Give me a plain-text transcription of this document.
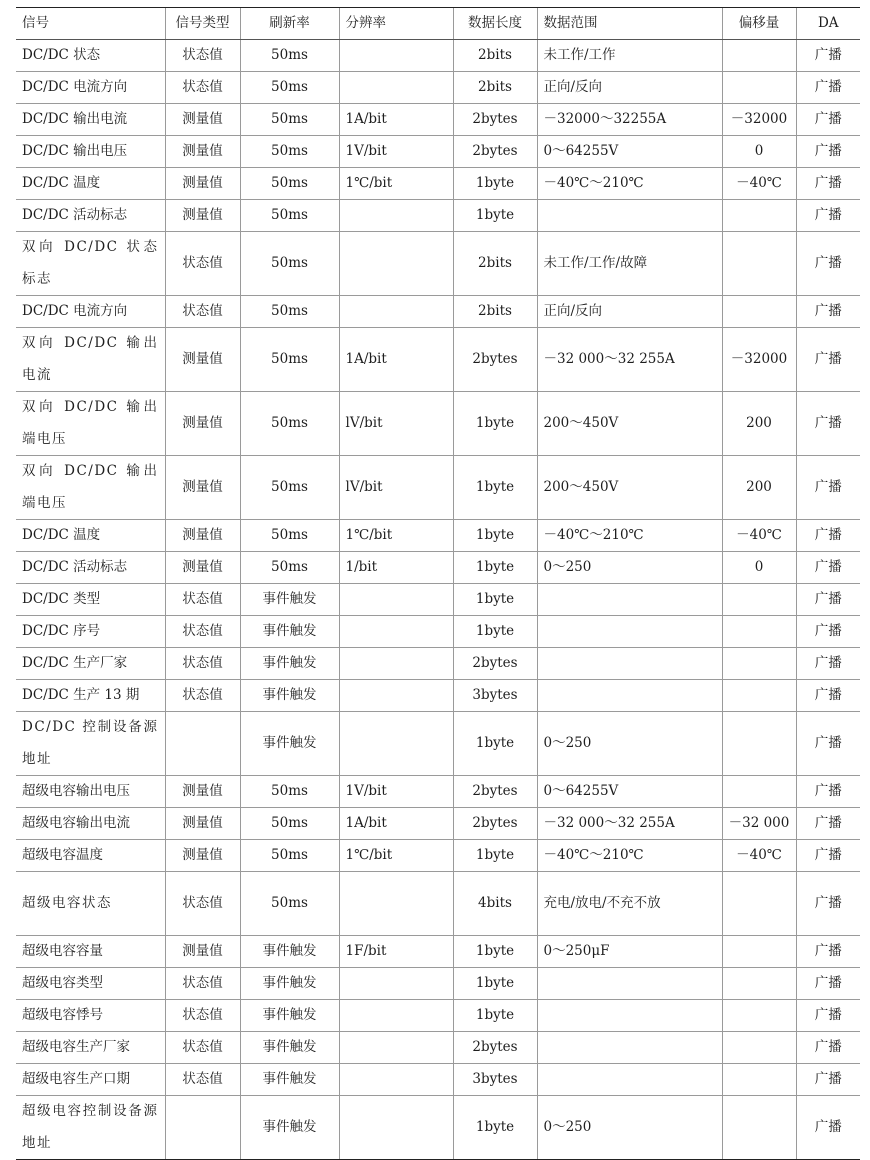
信号	信号类型	刷新率	分辨率	数据长度	数据范围	偏移量	DA
DC/DC 状态	状态值	50ms		2bits	未工作/工作		广播
DC/DC 电流方向	状态值	50ms		2bits	正向/反向		广播
DC/DC 输出电流	测量值	50ms	1A/bit	2bytes	－32000～32255A	－32000	广播
DC/DC 输出电压	测量值	50ms	1V/bit	2bytes	0～64255V	0	广播
DC/DC 温度	测量值	50ms	1℃/bit	1byte	－40℃～210℃	－40℃	广播
DC/DC 活动标志	测量值	50ms		1byte			广播
双向 DC/DC 状态标志	状态值	50ms		2bits	未工作/工作/故障		广播
DC/DC 电流方向	状态值	50ms		2bits	正向/反向		广播
双向 DC/DC 输出电流	测量值	50ms	1A/bit	2bytes	－32 000～32 255A	－32000	广播
双向 DC/DC 输出端电压	测量值	50ms	lV/bit	1byte	200～450V	200	广播
双向 DC/DC 输出端电压	测量值	50ms	lV/bit	1byte	200～450V	200	广播
DC/DC 温度	测量值	50ms	1℃/bit	1byte	－40℃～210℃	－40℃	广播
DC/DC 活动标志	测量值	50ms	1/bit	1byte	0～250	0	广播
DC/DC 类型	状态值	事件触发		1byte			广播
DC/DC 序号	状态值	事件触发		1byte			广播
DC/DC 生产厂家	状态值	事件触发		2bytes			广播
DC/DC 生产 13 期	状态值	事件触发		3bytes			广播
DC/DC 控制设备源地址		事件触发		1byte	0～250		广播
超级电容输出电压	测量值	50ms	1V/bit	2bytes	0～64255V		广播
超级电容输出电流	测量值	50ms	1A/bit	2bytes	－32 000～32 255A	－32 000	广播
超级电容温度	测量值	50ms	1℃/bit	1byte	－40℃～210℃	－40℃	广播
超级电容状态	状态值	50ms		4bits	充电/放电/不充不放		广播
超级电容容量	测量值	事件触发	1F/bit	1byte	0～250μF		广播
超级电容类型	状态值	事件触发		1byte			广播
超级电容悸号	状态值	事件触发		1byte			广播
超级电容生产厂家	状态值	事件触发		2bytes			广播
超级电容生产口期	状态值	事件触发		3bytes			广播
超级电容控制设备源地址		事件触发		1byte	0～250		广播
